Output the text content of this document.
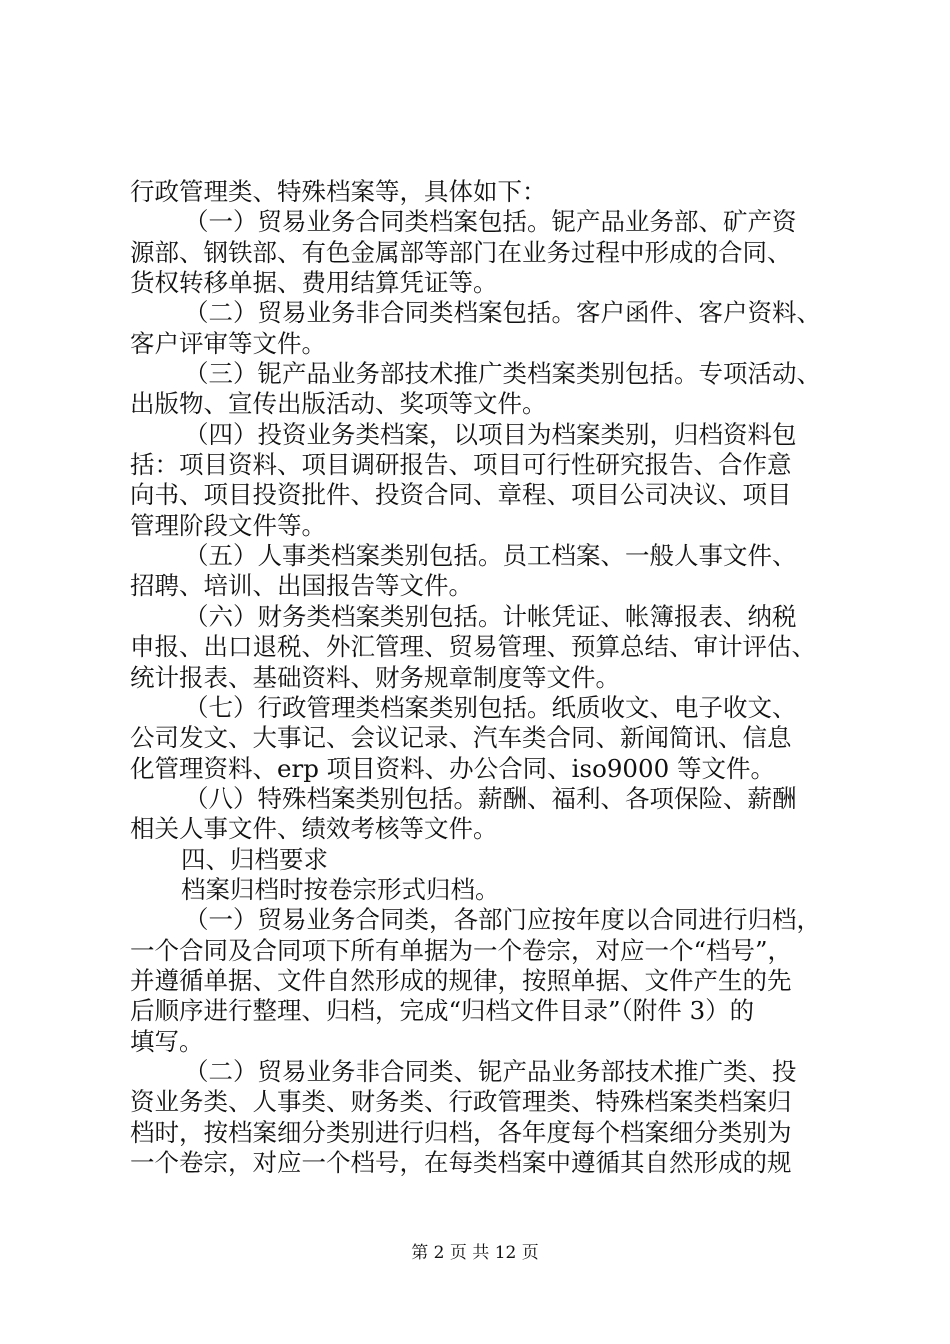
行政管理类、特殊档案等，具体如下：
（一）贸易业务合同类档案包括。铌产品业务部、矿产资
源部、钢铁部、有色金属部等部门在业务过程中形成的合同、
货权转移单据、费用结算凭证等。
（二）贸易业务非合同类档案包括。客户函件、客户资料、
客户评审等文件。
（三）铌产品业务部技术推广类档案类别包括。专项活动、
出版物、宣传出版活动、奖项等文件。
（四）投资业务类档案，以项目为档案类别，归档资料包
括：项目资料、项目调研报告、项目可行性研究报告、合作意
向书、项目投资批件、投资合同、章程、项目公司决议、项目
管理阶段文件等。
（五）人事类档案类别包括。员工档案、一般人事文件、
招聘、培训、出国报告等文件。
（六）财务类档案类别包括。计帐凭证、帐簿报表、纳税
申报、出口退税、外汇管理、贸易管理、预算总结、审计评估、
统计报表、基础资料、财务规章制度等文件。
（七）行政管理类档案类别包括。纸质收文、电子收文、
公司发文、大事记、会议记录、汽车类合同、新闻简讯、信息
化管理资料、erp 项目资料、办公合同、iso9000 等文件。
（八）特殊档案类别包括。薪酬、福利、各项保险、薪酬
相关人事文件、绩效考核等文件。
四、归档要求
档案归档时按卷宗形式归档。
（一）贸易业务合同类，各部门应按年度以合同进行归档，
一个合同及合同项下所有单据为一个卷宗，对应一个“档号”，
并遵循单据、文件自然形成的规律，按照单据、文件产生的先
后顺序进行整理、归档，完成“归档文件目录”（附件 3）的
填写。
（二）贸易业务非合同类、铌产品业务部技术推广类、投
资业务类、人事类、财务类、行政管理类、特殊档案类档案归
档时，按档案细分类别进行归档，各年度每个档案细分类别为
一个卷宗，对应一个档号，在每类档案中遵循其自然形成的规
第 2 页 共 12 页
